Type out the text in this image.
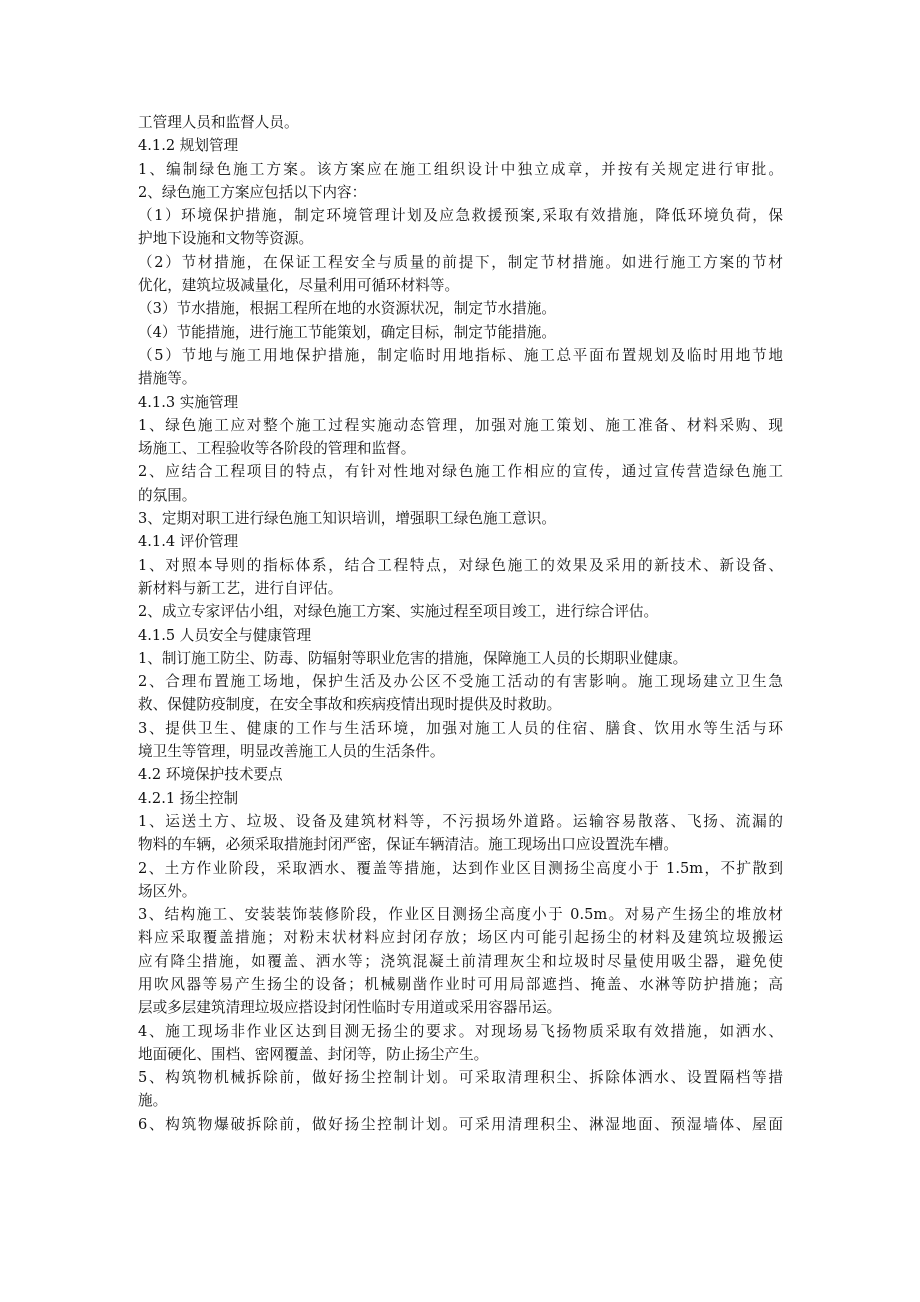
工管理人员和监督人员。
4.1.2 规划管理
1、编制绿色施工方案。该方案应在施工组织设计中独立成章，并按有关规定进行审批。
2、绿色施工方案应包括以下内容：
（1）环境保护措施，制定环境管理计划及应急救援预案,采取有效措施，降低环境负荷，保
护地下设施和文物等资源。
（2）节材措施，在保证工程安全与质量的前提下，制定节材措施。如进行施工方案的节材
优化，建筑垃圾减量化，尽量利用可循环材料等。
（3）节水措施，根据工程所在地的水资源状况，制定节水措施。
（4）节能措施，进行施工节能策划，确定目标，制定节能措施。
（5）节地与施工用地保护措施，制定临时用地指标、施工总平面布置规划及临时用地节地
措施等。
4.1.3 实施管理
1、绿色施工应对整个施工过程实施动态管理，加强对施工策划、施工准备、材料采购、现
场施工、工程验收等各阶段的管理和监督。
2、应结合工程项目的特点，有针对性地对绿色施工作相应的宣传，通过宣传营造绿色施工
的氛围。
3、定期对职工进行绿色施工知识培训，增强职工绿色施工意识。
4.1.4 评价管理
1、对照本导则的指标体系，结合工程特点，对绿色施工的效果及采用的新技术、新设备、
新材料与新工艺，进行自评估。
2、成立专家评估小组，对绿色施工方案、实施过程至项目竣工，进行综合评估。
4.1.5 人员安全与健康管理
1、制订施工防尘、防毒、防辐射等职业危害的措施，保障施工人员的长期职业健康。
2、合理布置施工场地，保护生活及办公区不受施工活动的有害影响。施工现场建立卫生急
救、保健防疫制度，在安全事故和疾病疫情出现时提供及时救助。
3、提供卫生、健康的工作与生活环境，加强对施工人员的住宿、膳食、饮用水等生活与环
境卫生等管理，明显改善施工人员的生活条件。
4.2 环境保护技术要点
4.2.1 扬尘控制
1、运送土方、垃圾、设备及建筑材料等，不污损场外道路。运输容易散落、飞扬、流漏的
物料的车辆，必须采取措施封闭严密，保证车辆清洁。施工现场出口应设置洗车槽。
2、土方作业阶段，采取洒水、覆盖等措施，达到作业区目测扬尘高度小于 1.5m，不扩散到
场区外。
3、结构施工、安装装饰装修阶段，作业区目测扬尘高度小于 0.5m。对易产生扬尘的堆放材
料应采取覆盖措施；对粉末状材料应封闭存放；场区内可能引起扬尘的材料及建筑垃圾搬运
应有降尘措施，如覆盖、洒水等；浇筑混凝土前清理灰尘和垃圾时尽量使用吸尘器，避免使
用吹风器等易产生扬尘的设备；机械剔凿作业时可用局部遮挡、掩盖、水淋等防护措施；高
层或多层建筑清理垃圾应搭设封闭性临时专用道或采用容器吊运。
4、施工现场非作业区达到目测无扬尘的要求。对现场易飞扬物质采取有效措施，如洒水、
地面硬化、围档、密网覆盖、封闭等，防止扬尘产生。
5、构筑物机械拆除前，做好扬尘控制计划。可采取清理积尘、拆除体洒水、设置隔档等措
施。
6、构筑物爆破拆除前，做好扬尘控制计划。可采用清理积尘、淋湿地面、预湿墙体、屋面
